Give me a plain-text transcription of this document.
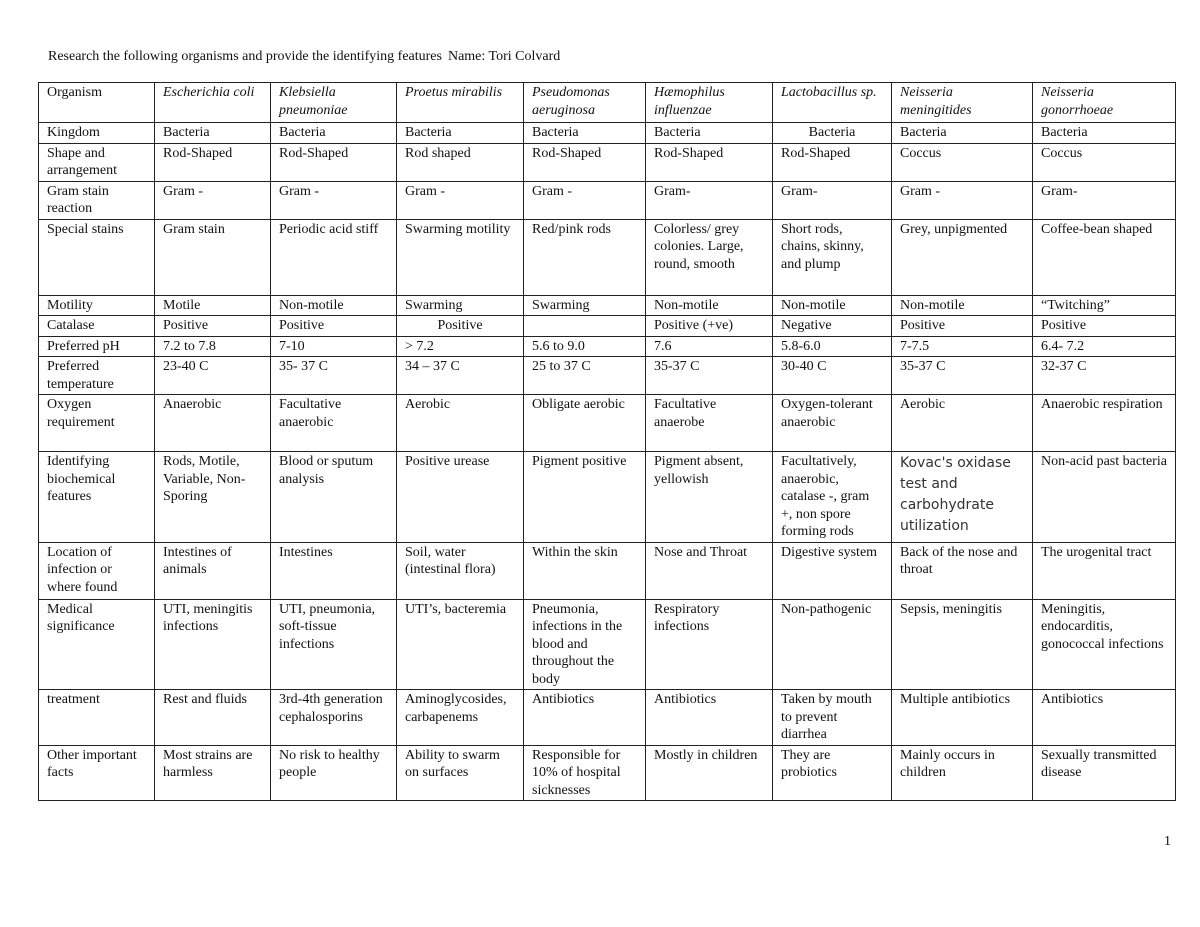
Research the following organisms and provide the identifying features Name: Tori Colvard
Organism	Escherichia coli	Klebsiella pneumoniae	Proetus mirabilis	Pseudomonas aeruginosa	Hæmophilus influenzae	Lactobacillus sp.	Neisseria meningitides	Neisseria gonorrhoeae
Kingdom	Bacteria	Bacteria	Bacteria	Bacteria	Bacteria	Bacteria	Bacteria	Bacteria
Shape and arrangement	Rod-Shaped	Rod-Shaped	Rod shaped	Rod-Shaped	Rod-Shaped	Rod-Shaped	Coccus	Coccus
Gram stain reaction	Gram -	Gram -	Gram -	Gram -	Gram-	Gram-	Gram -	Gram-
Special stains	Gram stain	Periodic acid stiff	Swarming motility	Red/pink rods	Colorless/ grey colonies. Large, round, smooth	Short rods, chains, skinny, and plump	Grey, unpigmented	Coffee-bean shaped
Motility	Motile	Non-motile	Swarming	Swarming	Non-motile	Non-motile	Non-motile	“Twitching”
Catalase	Positive	Positive	Positive		Positive (+ve)	Negative	Positive	Positive
Preferred pH	7.2 to 7.8	7-10	> 7.2	5.6 to 9.0	7.6	5.8-6.0	7-7.5	6.4- 7.2
Preferred temperature	23-40 C	35- 37 C	34 – 37 C	25 to 37 C	35-37 C	30-40 C	35-37 C	32-37 C
Oxygen requirement	Anaerobic	Facultative anaerobic	Aerobic	Obligate aerobic	Facultative anaerobe	Oxygen-tolerant anaerobic	Aerobic	Anaerobic respiration
Identifying biochemical features	Rods, Motile, Variable, Non-Sporing	Blood or sputum analysis	Positive urease	Pigment positive	Pigment absent, yellowish	Facultatively, anaerobic, catalase -, gram +, non spore forming rods	Kovac's oxidase test and carbohydrate utilization	Non-acid past bacteria
Location of infection or where found	Intestines of animals	Intestines	Soil, water (intestinal flora)	Within the skin	Nose and Throat	Digestive system	Back of the nose and throat	The urogenital tract
Medical significance	UTI, meningitis infections	UTI, pneumonia, soft-tissue infections	UTI’s, bacteremia	Pneumonia, infections in the blood and throughout the body	Respiratory infections	Non-pathogenic	Sepsis, meningitis	Meningitis, endocarditis, gonococcal infections
treatment	Rest and fluids	3rd-4th generation cephalosporins	Aminoglycosides, carbapenems	Antibiotics	Antibiotics	Taken by mouth to prevent diarrhea	Multiple antibiotics	Antibiotics
Other important facts	Most strains are harmless	No risk to healthy people	Ability to swarm on surfaces	Responsible for 10% of hospital sicknesses	Mostly in children	They are probiotics	Mainly occurs in children	Sexually transmitted disease
1
